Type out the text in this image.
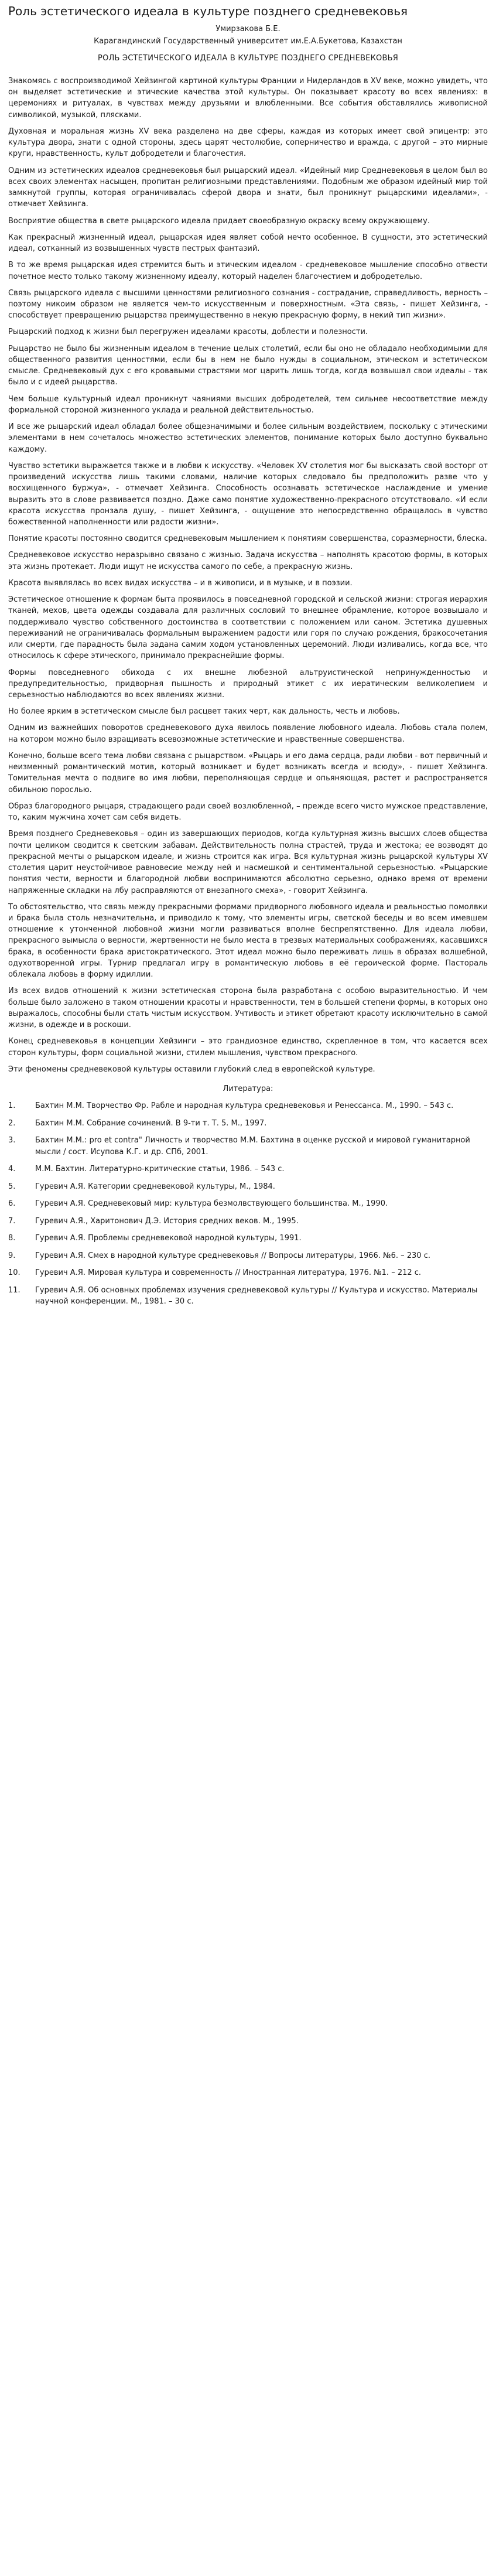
Роль эстетического идеала в культуре позднего средневековья
Умирзакова Б.Е.
Карагандинский Государственный университет им.Е.А.Букетова, Казахстан
РОЛЬ ЭСТЕТИЧЕСКОГО ИДЕАЛА В КУЛЬТУРЕ ПОЗДНЕГО СРЕДНЕВЕКОВЬЯ

Знакомясь с воспроизводимой Хейзингой картиной культуры Франции и Нидерландов в XV веке, можно увидеть, что он выделяет эстетические и этические качества этой культуры. Он показывает красоту во всех явлениях: в церемониях и ритуалах, в чувствах между друзьями и влюбленными. Все события обставлялись живописной символикой, музыкой, плясками.

Духовная и моральная жизнь XV века разделена на две сферы, каждая из которых имеет свой эпицентр: это культура двора, знати с одной стороны, здесь царят честолюбие, соперничество и вражда, с другой – это мирные круги, нравственность, культ добродетели и благочестия.

Одним из эстетических идеалов средневековья был рыцарский идеал. «Идейный мир Средневековья в целом был во всех своих элементах насыщен, пропитан религиозными представлениями. Подобным же образом идейный мир той замкнутой группы, которая ограничивалась сферой двора и знати, был проникнут рыцарскими идеалами», - отмечает Хейзинга.

Восприятие общества в свете рыцарского идеала придает своеобразную окраску всему окружающему.

Как прекрасный жизненный идеал, рыцарская идея являет собой нечто особенное. В сущности, это эстетический идеал, сотканный из возвышенных чувств пестрых фантазий.

В то же время рыцарская идея стремится быть и этическим идеалом - средневековое мышление способно отвести почетное место только такому жизненному идеалу, который наделен благочестием и добродетелью.

Связь рыцарского идеала с высшими ценностями религиозного сознания - сострадание, справедливость, верность – поэтому никоим образом не является чем-то искусственным и поверхностным. «Эта связь, - пишет Хейзинга, - способствует превращению рыцарства преимущественно в некую прекрасную форму, в некий тип жизни».

Рыцарский подход к жизни был перегружен идеалами красоты, доблести и полезности.

Рыцарство не было бы жизненным идеалом в течение целых столетий, если бы оно не обладало необходимыми для общественного развития ценностями, если бы в нем не было нужды в социальном, этическом и эстетическом смысле. Средневековый дух с его кровавыми страстями мог царить лишь тогда, когда возвышал свои идеалы - так было и с идеей рыцарства.

Чем больше культурный идеал проникнут чаяниями высших добродетелей, тем сильнее несоответствие между формальной стороной жизненного уклада и реальной действительностью.

И все же рыцарский идеал обладал более общезначимыми и более сильным воздействием, поскольку с этическими элементами в нем сочеталось множество эстетических элементов, понимание которых было доступно буквально каждому.

Чувство эстетики выражается также и в любви к искусству. «Человек XV столетия мог бы высказать свой восторг от произведений искусства лишь такими словами, наличие которых следовало бы предположить разве что у восхищенного буржуа», - отмечает Хейзинга. Способность осознавать эстетическое наслаждение и умение выразить это в слове развивается поздно. Даже само понятие художественно-прекрасного отсутствовало. «И если красота искусства пронзала душу, - пишет Хейзинга, - ощущение это непосредственно обращалось в чувство божественной наполненности или радости жизни».

Понятие красоты постоянно сводится средневековым мышлением к понятиям совершенства, соразмерности, блеска.

Средневековое искусство неразрывно связано с жизнью. Задача искусства – наполнять красотою формы, в которых эта жизнь протекает. Люди ищут не искусства самого по себе, а прекрасную жизнь.

Красота выявлялась во всех видах искусства – и в живописи, и в музыке, и в поэзии.

Эстетическое отношение к формам быта проявилось в повседневной городской и сельской жизни: строгая иерархия тканей, мехов, цвета одежды создавала для различных сословий то внешнее обрамление, которое возвышало и поддерживало чувство собственного достоинства в соответствии с положением или саном. Эстетика душевных переживаний не ограничивалась формальным выражением радости или горя по случаю рождения, бракосочетания или смерти, где парадность была задана самим ходом установленных церемоний. Люди изливались, когда все, что относилось к сфере этического, принимало прекраснейшие формы.

Формы повседневного обихода с их внешне любезной альтруистической непринужденностью и предупредительностью, придворная пышность и природный этикет с их иератическим великолепием и серьезностью наблюдаются во всех явлениях жизни.

Но более ярким в эстетическом смысле был расцвет таких черт, как дальность, честь и любовь.

Одним из важнейших поворотов средневекового духа явилось появление любовного идеала. Любовь стала полем, на котором можно было взращивать всевозможные эстетические и нравственные совершенства.

Конечно, больше всего тема любви связана с рыцарством. «Рыцарь и его дама сердца, ради любви - вот первичный и неизменный романтический мотив, который возникает и будет возникать всегда и всюду», - пишет Хейзинга. Томительная мечта о подвиге во имя любви, переполняющая сердце и опьяняющая, растет и распространяется обильною порослью.

Образ благородного рыцаря, страдающего ради своей возлюбленной, – прежде всего чисто мужское представление, то, каким мужчина хочет сам себя видеть.

Время позднего Средневековья – один из завершающих периодов, когда культурная жизнь высших слоев общества почти целиком сводится к светским забавам. Действительность полна страстей, труда и жестока; ее возводят до прекрасной мечты о рыцарском идеале, и жизнь строится как игра. Вся культурная жизнь рыцарской культуры XV столетия царит неустойчивое равновесие между ней и насмешкой и сентиментальной серьезностью. «Рыцарские понятия чести, верности и благородной любви воспринимаются абсолютно серьезно, однако время от времени напряженные складки на лбу расправляются от внезапного смеха», - говорит Хейзинга.

То обстоятельство, что связь между прекрасными формами придворного любовного идеала и реальностью помолвки и брака была столь незначительна, и приводило к тому, что элементы игры, светской беседы и во всем имевшем отношение к утонченной любовной жизни могли развиваться вполне беспрепятственно. Для идеала любви, прекрасного вымысла о верности, жертвенности не было места в трезвых материальных соображениях, касавшихся брака, в особенности брака аристократического. Этот идеал можно было переживать лишь в образах волшебной, одухотворенной игры. Турнир предлагал игру в романтическую любовь в её героической форме. Пастораль облекала любовь в форму идиллии.

Из всех видов отношений к жизни эстетическая сторона была разработана с особою выразительностью. И чем больше было заложено в таком отношении красоты и нравственности, тем в большей степени формы, в которых оно выражалось, способны были стать чистым искусством. Учтивость и этикет обретают красоту исключительно в самой жизни, в одежде и в роскоши.

Конец средневековья в концепции Хейзинги – это грандиозное единство, скрепленное в том, что касается всех сторон культуры, форм социальной жизни, стилем мышления, чувством прекрасного.

Эти феномены средневековой культуры оставили глубокий след в европейской культуре.

Литература:
1.	Бахтин М.М. Творчество Фр. Рабле и народная культура средневековья и Ренессанса. М., 1990. – 543 с.
2.	Бахтин М.М. Собрание сочинений. В 9-ти т. Т. 5. М., 1997.
3.	Бахтин М.М.: pro et contra" Личность и творчество М.М. Бахтина в оценке русской и мировой гуманитарной мысли / сост. Исупова К.Г. и др. СПб, 2001.
4.	М.М. Бахтин. Литературно-критические статьи, 1986. – 543 с.
5.	Гуревич А.Я. Категории средневековой культуры, М., 1984.
6.	Гуревич А.Я. Средневековый мир: культура безмолвствующего большинства. М., 1990.
7.	Гуревич А.Я., Харитонович Д.Э. История средних веков. М., 1995.
8.	Гуревич А.Я. Проблемы средневековой народной культуры, 1991.
9.	Гуревич А.Я. Смех в народной культуре средневековья // Вопросы литературы, 1966. №6. – 230 с.
10.	Гуревич А.Я. Мировая культура и современность // Иностранная литература, 1976. №1. – 212 с.
11.	Гуревич А.Я. Об основных проблемах изучения средневековой культуры // Культура и искусство. Материалы научной конференции. М., 1981. – 30 с.
